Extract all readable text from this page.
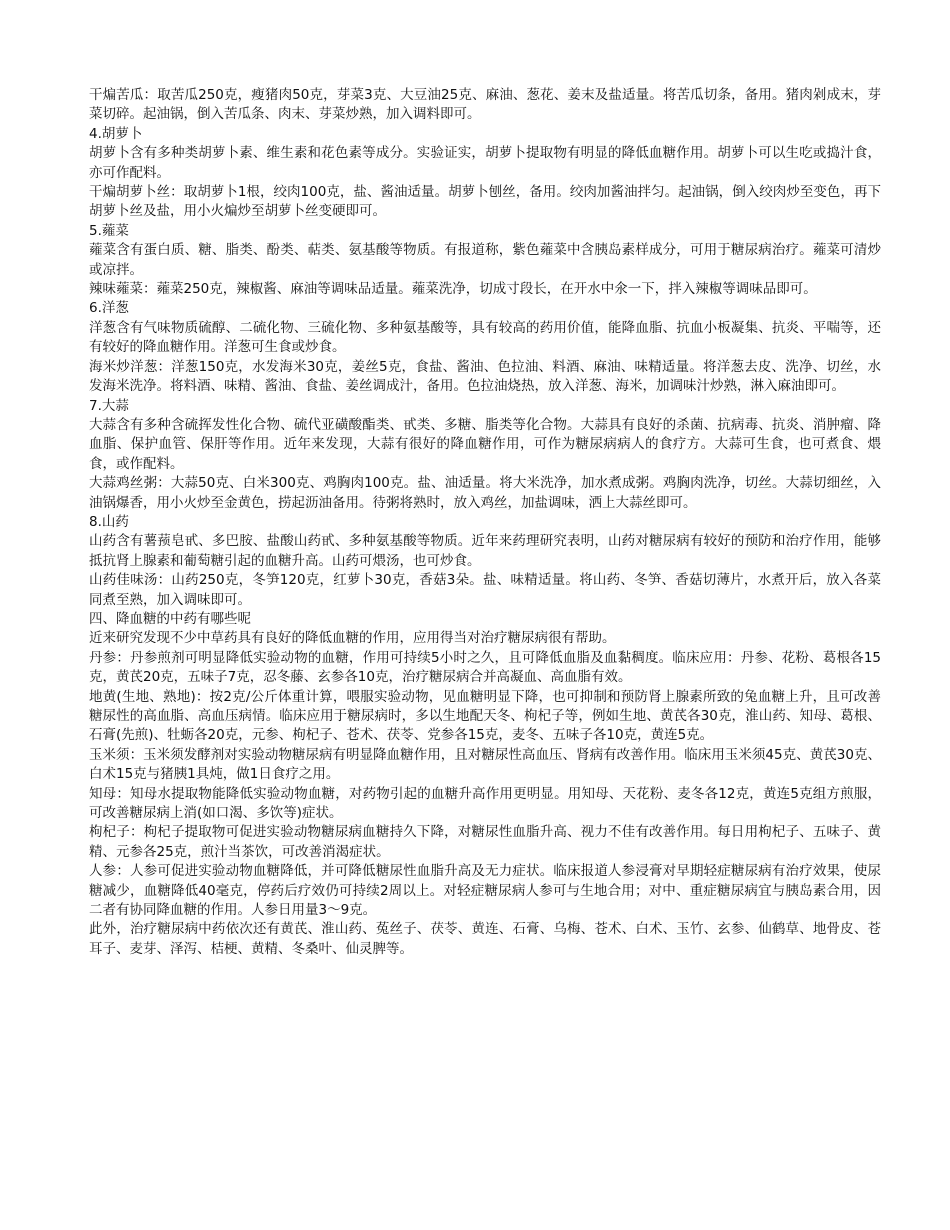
干煸苦瓜：取苦瓜250克，瘦猪肉50克，芽菜3克、大豆油25克、麻油、葱花、姜末及盐适量。将苦瓜切条，备用。猪肉剁成末，芽菜切碎。起油锅，倒入苦瓜条、肉末、芽菜炒熟，加入调料即可。

4.胡萝卜

胡萝卜含有多种类胡萝卜素、维生素和花色素等成分。实验证实，胡萝卜提取物有明显的降低血糖作用。胡萝卜可以生吃或捣汁食，亦可作配料。

干煸胡萝卜丝：取胡萝卜1根，绞肉100克，盐、酱油适量。胡萝卜刨丝，备用。绞肉加酱油拌匀。起油锅，倒入绞肉炒至变色，再下胡萝卜丝及盐，用小火煸炒至胡萝卜丝变硬即可。

5.蕹菜

蕹菜含有蛋白质、糖、脂类、酚类、萜类、氨基酸等物质。有报道称，紫色蕹菜中含胰岛素样成分，可用于糖尿病治疗。蕹菜可清炒或凉拌。

辣味蕹菜：蕹菜250克，辣椒酱、麻油等调味品适量。蕹菜洗净，切成寸段长，在开水中氽一下，拌入辣椒等调味品即可。

6.洋葱

洋葱含有气味物质硫醇、二硫化物、三硫化物、多种氨基酸等，具有较高的药用价值，能降血脂、抗血小板凝集、抗炎、平喘等，还有较好的降血糖作用。洋葱可生食或炒食。

海米炒洋葱：洋葱150克，水发海米30克，姜丝5克，食盐、酱油、色拉油、料酒、麻油、味精适量。将洋葱去皮、洗净、切丝，水发海米洗净。将料酒、味精、酱油、食盐、姜丝调成汁，备用。色拉油烧热，放入洋葱、海米，加调味汁炒熟，淋入麻油即可。

7.大蒜

大蒜含有多种含硫挥发性化合物、硫代亚磺酸酯类、甙类、多糖、脂类等化合物。大蒜具有良好的杀菌、抗病毒、抗炎、消肿瘤、降血脂、保护血管、保肝等作用。近年来发现，大蒜有很好的降血糖作用，可作为糖尿病病人的食疗方。大蒜可生食，也可煮食、煨食，或作配料。

大蒜鸡丝粥：大蒜50克、白米300克、鸡胸肉100克。盐、油适量。将大米洗净，加水煮成粥。鸡胸肉洗净，切丝。大蒜切细丝，入油锅爆香，用小火炒至金黄色，捞起沥油备用。待粥将熟时，放入鸡丝，加盐调味，洒上大蒜丝即可。

8.山药

山药含有薯蓣皂甙、多巴胺、盐酸山药甙、多种氨基酸等物质。近年来药理研究表明，山药对糖尿病有较好的预防和治疗作用，能够抵抗肾上腺素和葡萄糖引起的血糖升高。山药可煨汤，也可炒食。

山药佳味汤：山药250克，冬笋120克，红萝卜30克，香菇3朵。盐、味精适量。将山药、冬笋、香菇切薄片，水煮开后，放入各菜同煮至熟，加入调味即可。

四、降血糖的中药有哪些呢

近来研究发现不少中草药具有良好的降低血糖的作用，应用得当对治疗糖尿病很有帮助。

丹参：丹参煎剂可明显降低实验动物的血糖，作用可持续5小时之久，且可降低血脂及血黏稠度。临床应用：丹参、花粉、葛根各15克，黄芪20克，五味子7克，忍冬藤、玄参各10克，治疗糖尿病合并高凝血、高血脂有效。

地黄(生地、熟地)：按2克/公斤体重计算，喂服实验动物，见血糖明显下降，也可抑制和预防肾上腺素所致的兔血糖上升，且可改善糖尿性的高血脂、高血压病情。临床应用于糖尿病时，多以生地配天冬、枸杞子等，例如生地、黄芪各30克，淮山药、知母、葛根、石膏(先煎)、牡蛎各20克，元参、枸杞子、苍术、茯苓、党参各15克，麦冬、五味子各10克，黄连5克。

玉米须：玉米须发酵剂对实验动物糖尿病有明显降血糖作用，且对糖尿性高血压、肾病有改善作用。临床用玉米须45克、黄芪30克、白术15克与猪胰1具炖，做1日食疗之用。

知母：知母水提取物能降低实验动物血糖，对药物引起的血糖升高作用更明显。用知母、天花粉、麦冬各12克，黄连5克组方煎服，可改善糖尿病上消(如口渴、多饮等)症状。

枸杞子：枸杞子提取物可促进实验动物糖尿病血糖持久下降，对糖尿性血脂升高、视力不佳有改善作用。每日用枸杞子、五味子、黄精、元参各25克，煎汁当茶饮，可改善消渴症状。

人参：人参可促进实验动物血糖降低，并可降低糖尿性血脂升高及无力症状。临床报道人参浸膏对早期轻症糖尿病有治疗效果，使尿糖减少，血糖降低40毫克，停药后疗效仍可持续2周以上。对轻症糖尿病人参可与生地合用；对中、重症糖尿病宜与胰岛素合用，因二者有协同降血糖的作用。人参日用量3～9克。

此外，治疗糖尿病中药依次还有黄芪、淮山药、菟丝子、茯苓、黄连、石膏、乌梅、苍术、白术、玉竹、玄参、仙鹤草、地骨皮、苍耳子、麦芽、泽泻、桔梗、黄精、冬桑叶、仙灵脾等。
